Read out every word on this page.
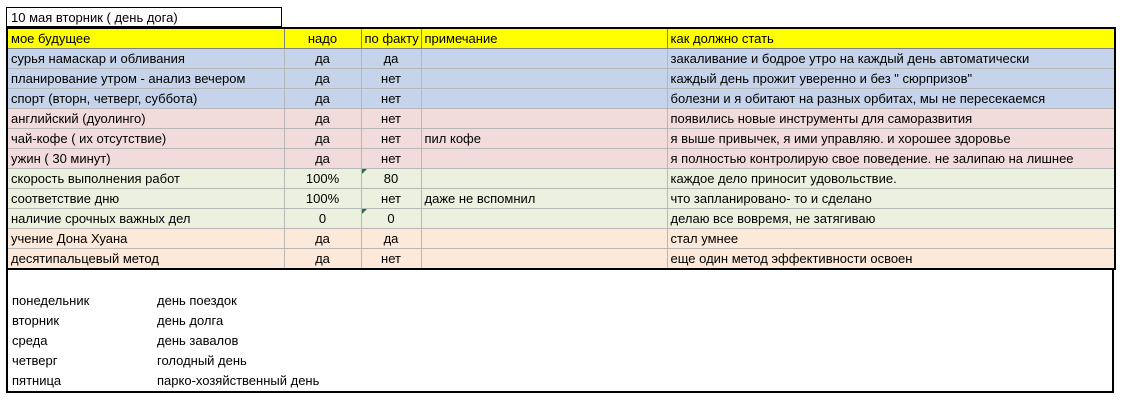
10 мая вторник ( день дога)
мое будущее	надо	по факту	примечание	как должно стать
сурья намаскар и обливания	да	да		закаливание и бодрое утро на каждый день автоматически
планирование утром - анализ вечером	да	нет		каждый день прожит уверенно и без " сюрпризов"
спорт (вторн, четверг, суббота)	да	нет		болезни и я обитают на разных орбитах, мы не пересекаемся
английский (дуолинго)	да	нет		появились новые инструменты для саморазвития
чай-кофе ( их отсутствие)	да	нет	пил кофе	я выше привычек, я ими управляю. и хорошее здоровье
ужин ( 30 минут)	да	нет		я полностью контролирую свое поведение. не залипаю на лишнее
скорость выполнения работ	100%	80		каждое дело приносит удовольствие.
соответствие дню	100%	нет	даже не вспомнил	что запланировано- то и сделано
наличие срочных важных дел	0	0		делаю все вовремя, не затягиваю
учение Дона Хуана	да	да		стал умнее
десятипальцевый метод	да	нет		еще один метод эффективности освоен
понедельник	день поездок
вторник	день долга
среда	день завалов
четверг	голодный день
пятница	парко-хозяйственный день
